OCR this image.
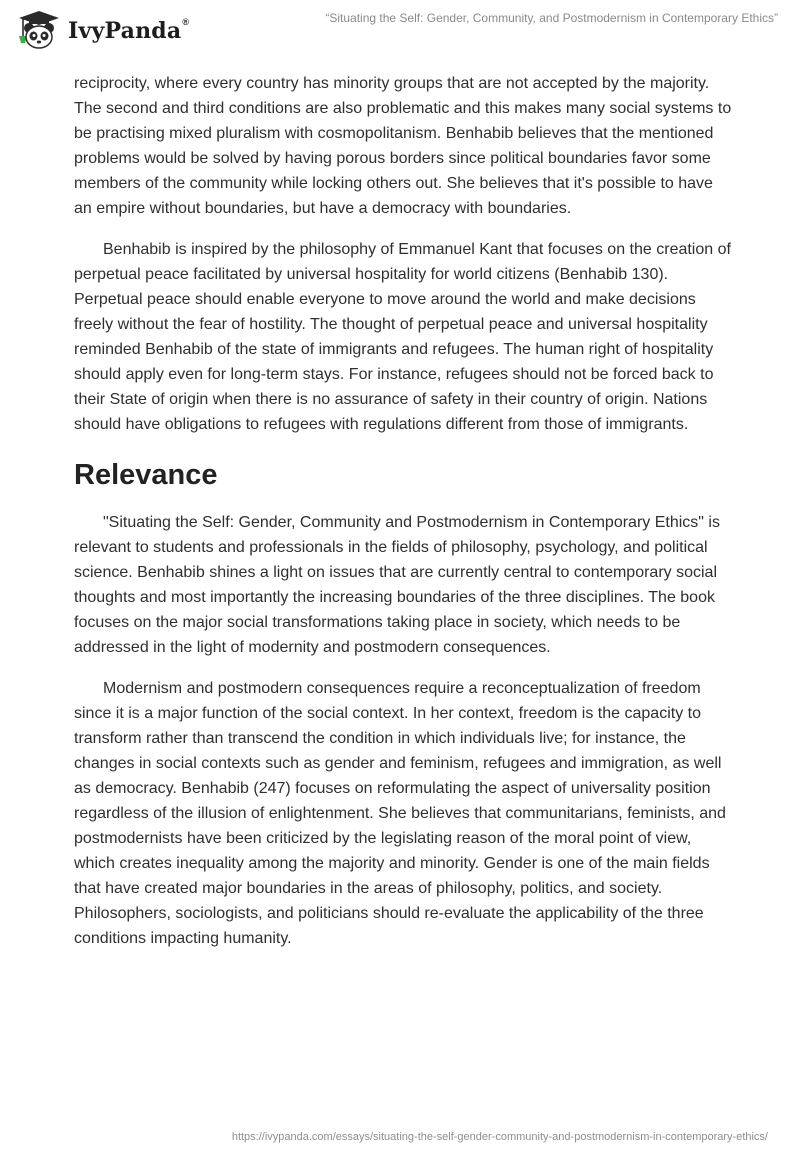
IvyPanda®	“Situating the Self: Gender, Community, and Postmodernism in Contemporary Ethics”

reciprocity, where every country has minority groups that are not accepted by the majority. The second and third conditions are also problematic and this makes many social systems to be practising mixed pluralism with cosmopolitanism. Benhabib believes that the mentioned problems would be solved by having porous borders since political boundaries favor some members of the community while locking others out. She believes that it's possible to have an empire without boundaries, but have a democracy with boundaries.

Benhabib is inspired by the philosophy of Emmanuel Kant that focuses on the creation of perpetual peace facilitated by universal hospitality for world citizens (Benhabib 130). Perpetual peace should enable everyone to move around the world and make decisions freely without the fear of hostility. The thought of perpetual peace and universal hospitality reminded Benhabib of the state of immigrants and refugees. The human right of hospitality should apply even for long-term stays. For instance, refugees should not be forced back to their State of origin when there is no assurance of safety in their country of origin. Nations should have obligations to refugees with regulations different from those of immigrants.

Relevance

"Situating the Self: Gender, Community and Postmodernism in Contemporary Ethics" is relevant to students and professionals in the fields of philosophy, psychology, and political science. Benhabib shines a light on issues that are currently central to contemporary social thoughts and most importantly the increasing boundaries of the three disciplines. The book focuses on the major social transformations taking place in society, which needs to be addressed in the light of modernity and postmodern consequences.

Modernism and postmodern consequences require a reconceptualization of freedom since it is a major function of the social context. In her context, freedom is the capacity to transform rather than transcend the condition in which individuals live; for instance, the changes in social contexts such as gender and feminism, refugees and immigration, as well as democracy. Benhabib (247) focuses on reformulating the aspect of universality position regardless of the illusion of enlightenment. She believes that communitarians, feminists, and postmodernists have been criticized by the legislating reason of the moral point of view, which creates inequality among the majority and minority. Gender is one of the main fields that have created major boundaries in the areas of philosophy, politics, and society. Philosophers, sociologists, and politicians should re-evaluate the applicability of the three conditions impacting humanity.

https://ivypanda.com/essays/situating-the-self-gender-community-and-postmodernism-in-contemporary-ethics/
